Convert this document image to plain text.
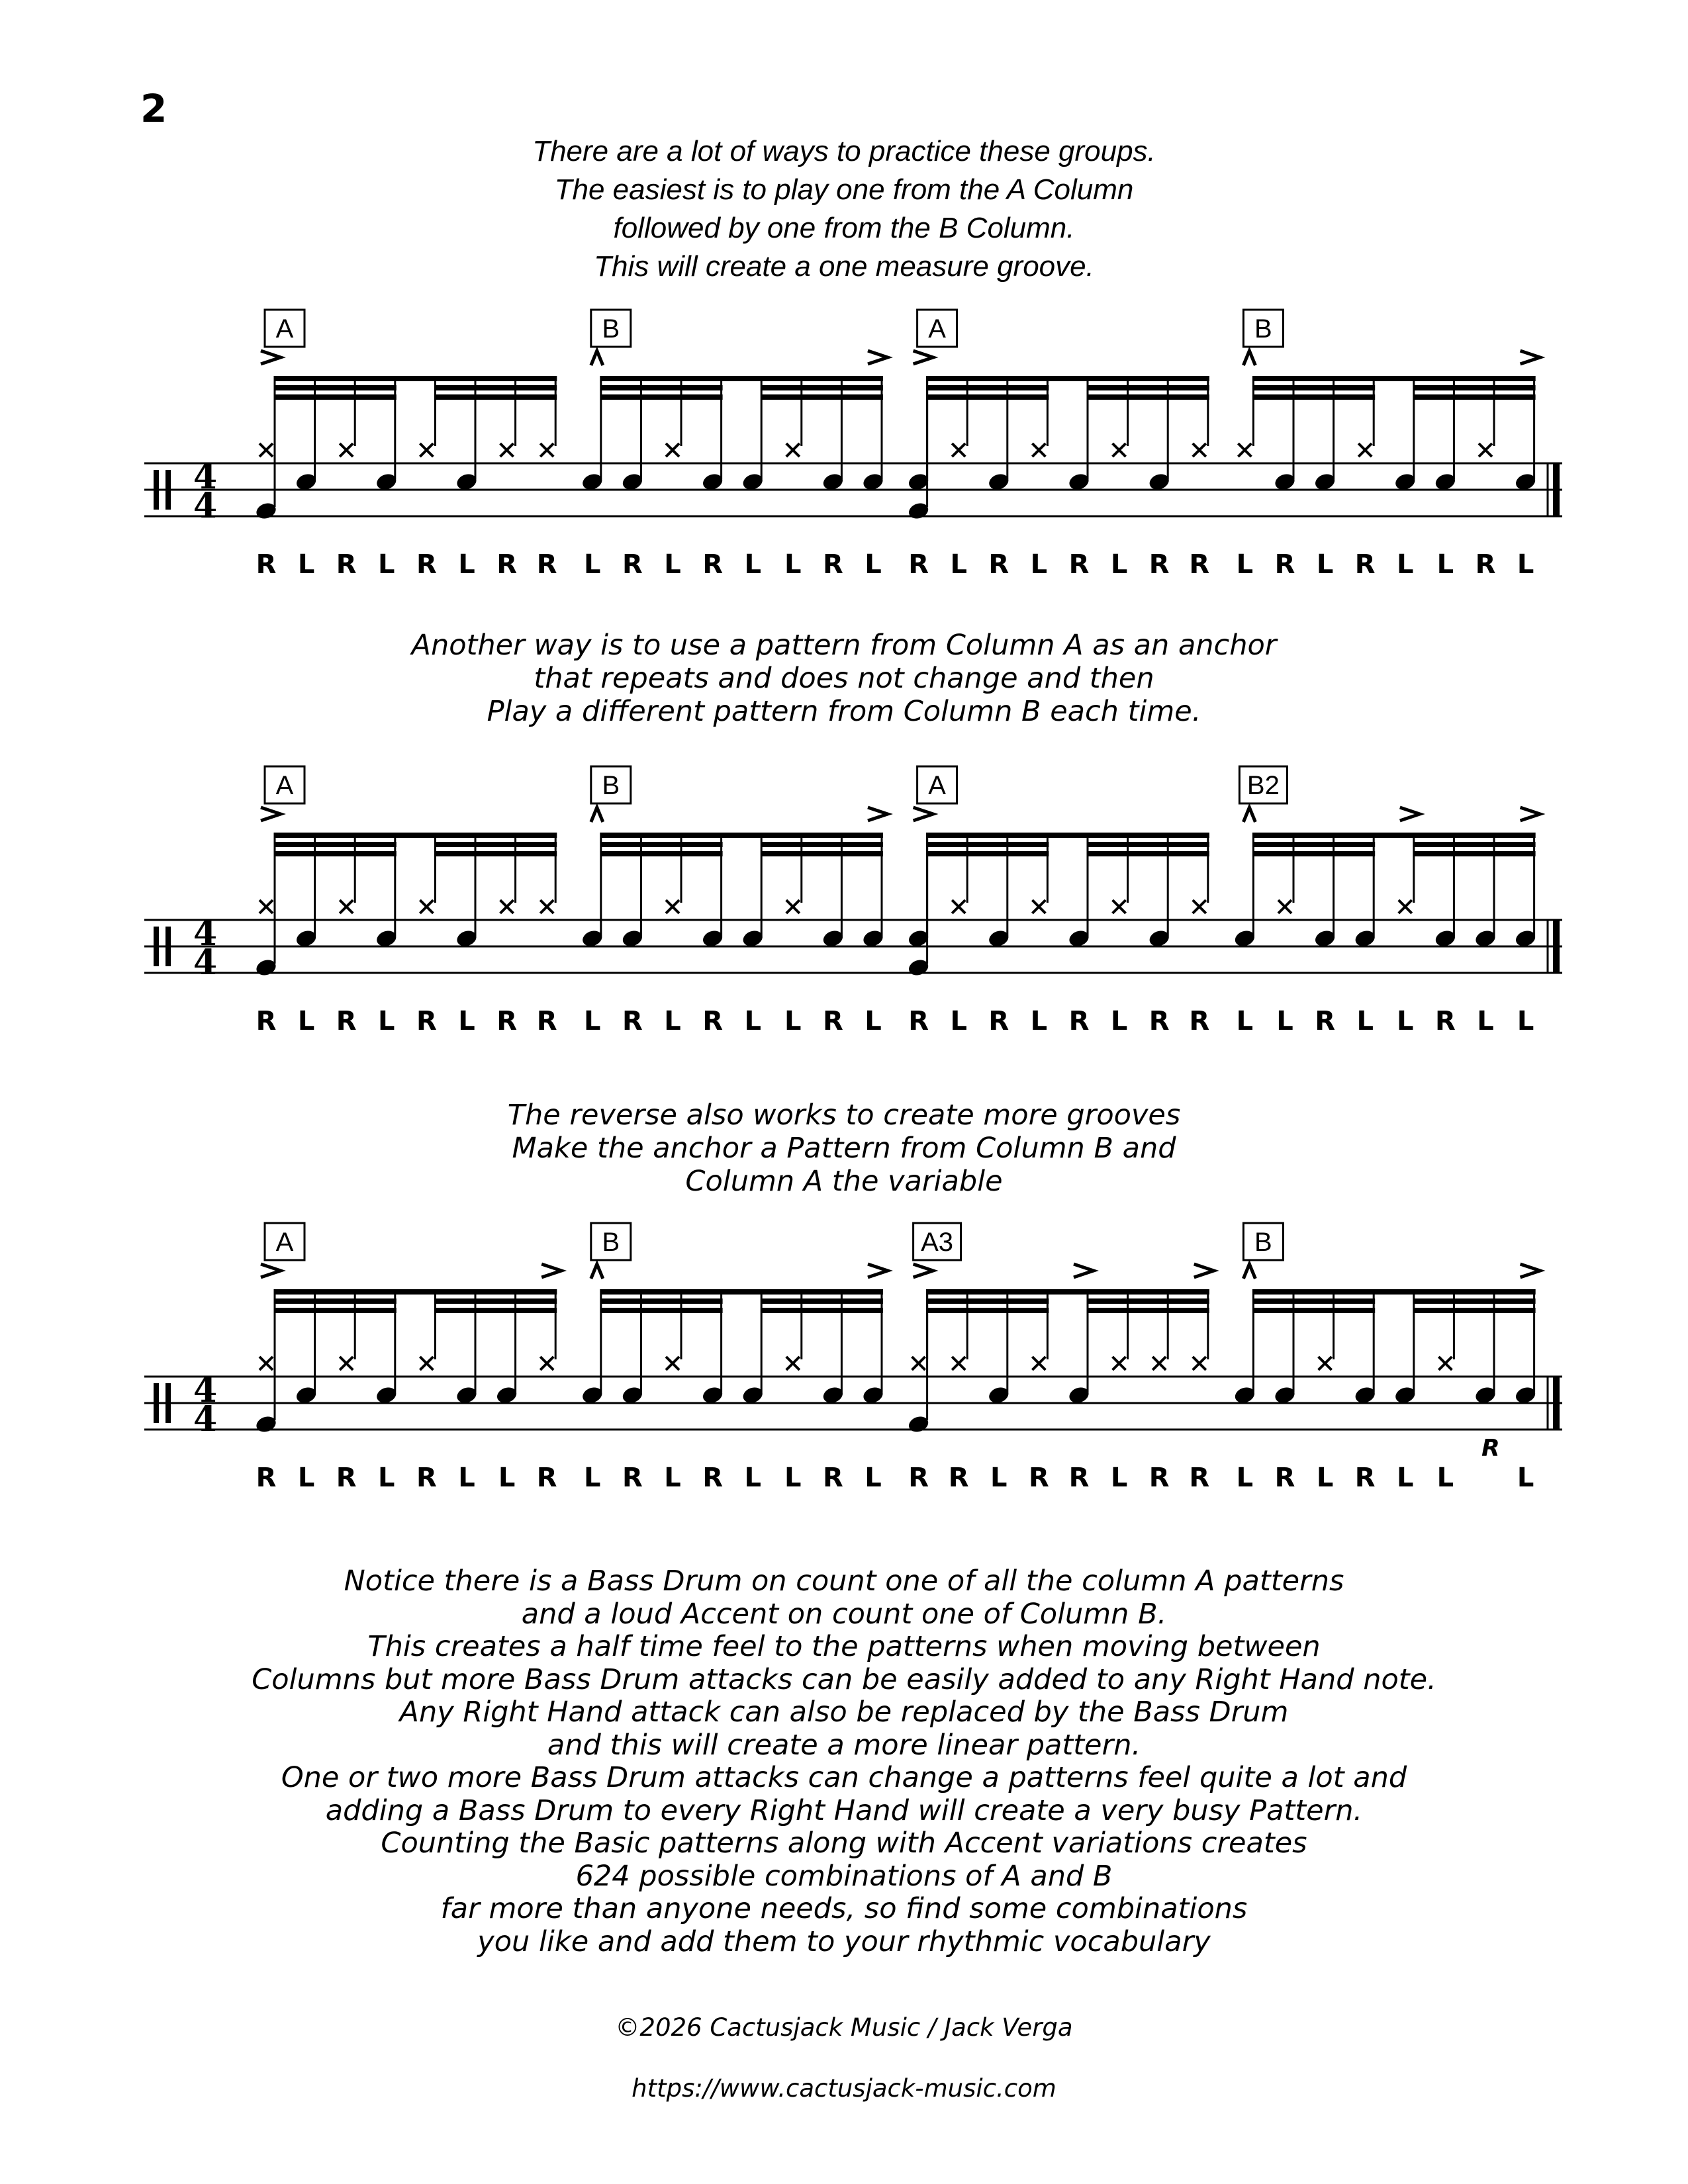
2
There are a lot of ways to practice these groups.
The easiest is to play one from the A Column
followed by one from the B Column.
This will create a one measure groove.
4
4
A	B	A	B
R L R L R L R R L R L R L L R L R L R L R L R R L R L R L L R L
Another way is to use a pattern from Column A as an anchor
that repeats and does not change and then
Play a different pattern from Column B each time.
4
4
A	B	A	B2
R L R L R L R R L R L R L L R L R L R L R L R R L L R L L R L L
The reverse also works to create more grooves
Make the anchor a Pattern from Column B and
Column A the variable
4
4
A	B	A3	B
R L R L R L L R L R L R L L R L R R L R R L R R L R L R L L L
R
Notice there is a Bass Drum on count one of all the column A patterns
and a loud Accent on count one of Column B.
This creates a half time feel to the patterns when moving between
Columns but more Bass Drum attacks can be easily added to any Right Hand note.
Any Right Hand attack can also be replaced by the Bass Drum
and this will create a more linear pattern.
One or two more Bass Drum attacks can change a patterns feel quite a lot and
adding a Bass Drum to every Right Hand will create a very busy Pattern.
Counting the Basic patterns along with Accent variations creates
624 possible combinations of A and B
far more than anyone needs, so find some combinations
you like and add them to your rhythmic vocabulary

©2026 Cactusjack Music / Jack Verga

https://www.cactusjack-music.com
